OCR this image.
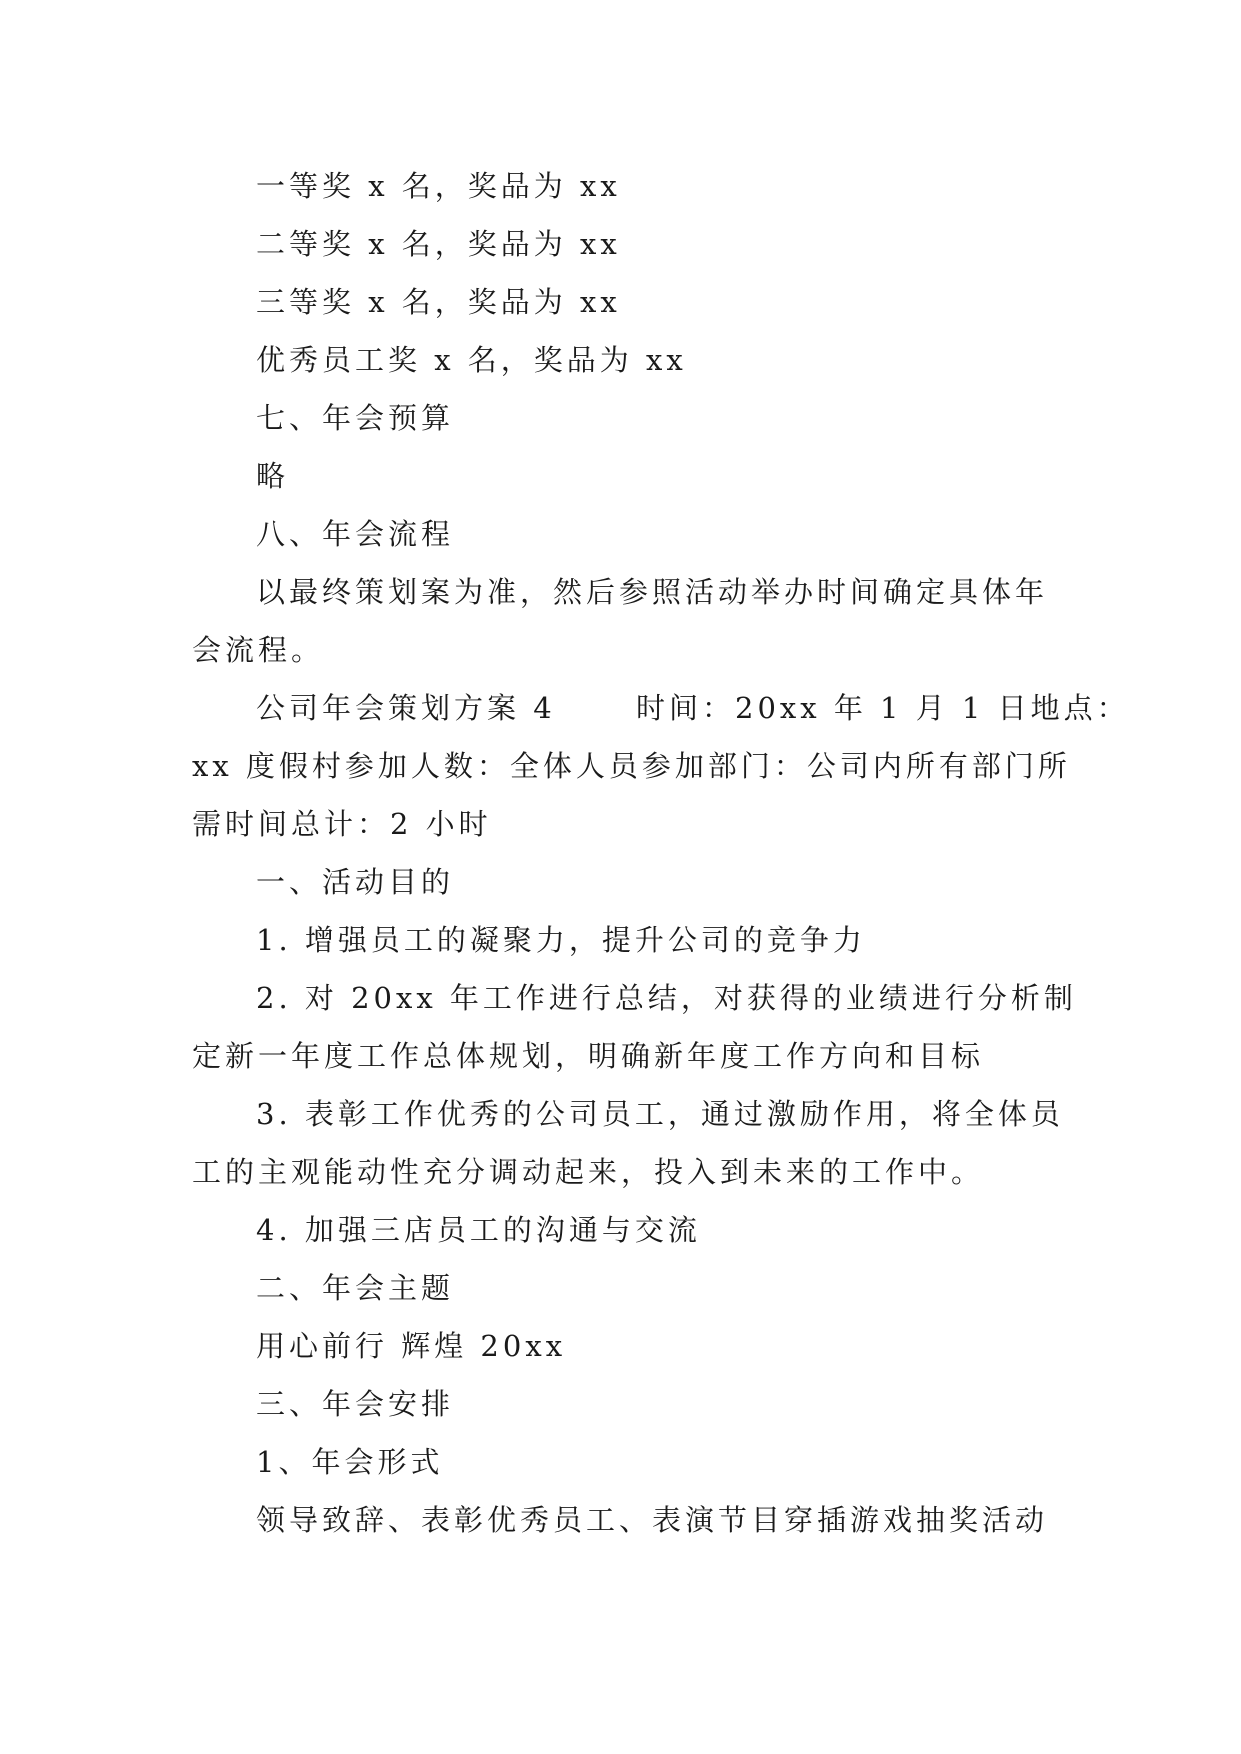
一等奖 x 名，奖品为 xx
二等奖 x 名，奖品为 xx
三等奖 x 名，奖品为 xx
优秀员工奖 x 名，奖品为 xx
七、年会预算
略
八、年会流程
以最终策划案为准，然后参照活动举办时间确定具体年
会流程。
公司年会策划方案 4	时间：20xx 年 1 月 1 日地点：
xx 度假村参加人数：全体人员参加部门：公司内所有部门所
需时间总计：2 小时
一、活动目的
1. 增强员工的凝聚力，提升公司的竞争力
2. 对 20xx 年工作进行总结，对获得的业绩进行分析制
定新一年度工作总体规划，明确新年度工作方向和目标
3. 表彰工作优秀的公司员工，通过激励作用，将全体员
工的主观能动性充分调动起来，投入到未来的工作中。
4. 加强三店员工的沟通与交流
二、年会主题
用心前行 辉煌 20xx
三、年会安排
1、年会形式
领导致辞、表彰优秀员工、表演节目穿插游戏抽奖活动
